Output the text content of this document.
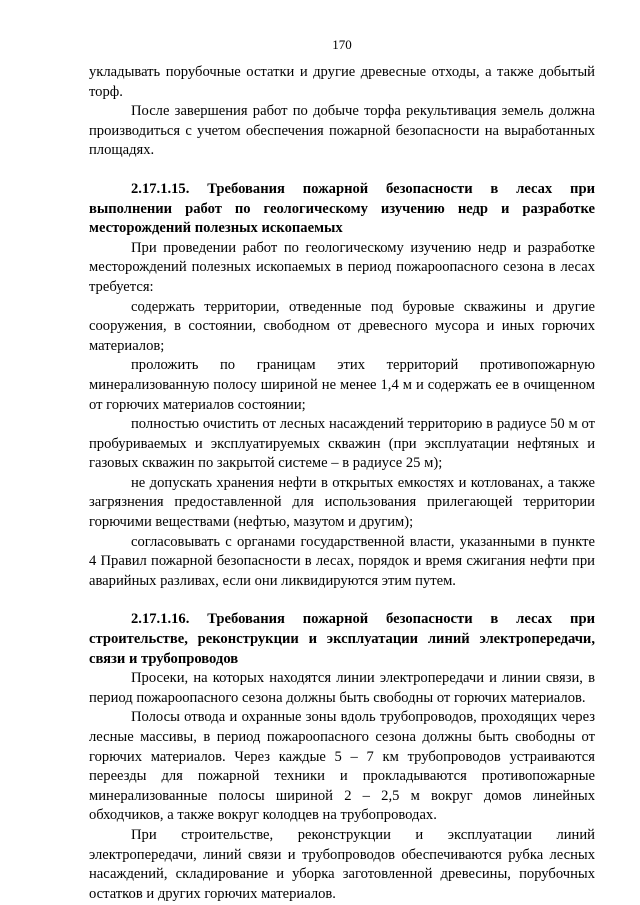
170

укладывать порубочные остатки и другие древесные отходы, а также добытый торф.

После завершения работ по добыче торфа рекультивация земель должна производиться с учетом обеспечения пожарной безопасности на выработанных площадях.

2.17.1.15. Требования пожарной безопасности в лесах при выполнении работ по геологическому изучению недр и разработке месторождений полезных ископаемых

При проведении работ по геологическому изучению недр и разработке месторождений полезных ископаемых в период пожароопасного сезона в лесах требуется:

содержать территории, отведенные под буровые скважины и другие сооружения, в состоянии, свободном от древесного мусора и иных горючих материалов;

проложить по границам этих территорий противопожарную минерализованную полосу шириной не менее 1,4 м и содержать ее в очищенном от горючих материалов состоянии;

полностью очистить от лесных насаждений территорию в радиусе 50 м от пробуриваемых и эксплуатируемых скважин (при эксплуатации нефтяных и газовых скважин по закрытой системе – в радиусе 25 м);

не допускать хранения нефти в открытых емкостях и котлованах, а также загрязнения предоставленной для использования прилегающей территории горючими веществами (нефтью, мазутом и другим);

согласовывать с органами государственной власти, указанными в пункте 4 Правил пожарной безопасности в лесах, порядок и время сжигания нефти при аварийных разливах, если они ликвидируются этим путем.

2.17.1.16. Требования пожарной безопасности в лесах при строительстве, реконструкции и эксплуатации линий электропередачи, связи и трубопроводов

Просеки, на которых находятся линии электропередачи и линии связи, в период пожароопасного сезона должны быть свободны от горючих материалов.

Полосы отвода и охранные зоны вдоль трубопроводов, проходящих через лесные массивы, в период пожароопасного сезона должны быть свободны от горючих материалов. Через каждые 5 – 7 км трубопроводов устраиваются переезды для пожарной техники и прокладываются противопожарные минерализованные полосы шириной 2 – 2,5 м вокруг домов линейных обходчиков, а также вокруг колодцев на трубопроводах.

При строительстве, реконструкции и эксплуатации линий электропередачи, линий связи и трубопроводов обеспечиваются рубка лесных насаждений, складирование и уборка заготовленной древесины, порубочных остатков и других горючих материалов.
